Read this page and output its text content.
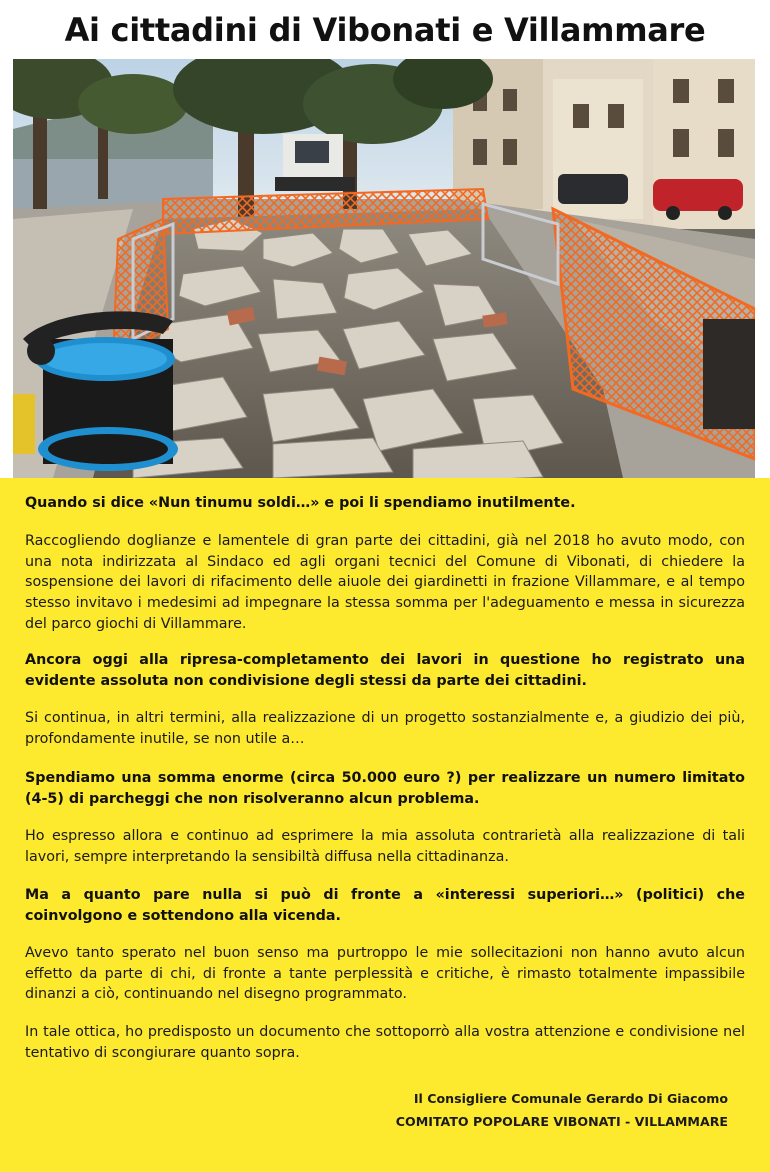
Ai cittadini di Vibonati e Villammare

Quando si dice «Nun tinumu soldi…» e poi li spendiamo inutilmente.

Raccogliendo doglianze e lamentele di gran parte dei cittadini, già nel 2018 ho avuto modo, con una nota indirizzata al Sindaco ed agli organi tecnici del Comune di Vibonati, di chiedere la sospensione dei lavori di rifacimento delle aiuole dei giardinetti in frazione Villammare, e al tempo stesso invitavo i medesimi ad impegnare la stessa somma per l'adeguamento e messa in sicurezza del parco giochi di Villammare.

Ancora oggi alla ripresa-completamento dei lavori in questione ho registrato una evidente assoluta non condivisione degli stessi da parte dei cittadini.

Si continua, in altri termini, alla realizzazione di un progetto sostanzialmente e, a giudizio dei più, profondamente inutile, se non utile a…

Spendiamo una somma enorme (circa 50.000 euro ?) per realizzare un numero limitato (4-5) di parcheggi che non risolveranno alcun problema.

Ho espresso allora e continuo ad esprimere la mia assoluta contrarietà alla realizzazione di tali lavori, sempre interpretando la sensibiltà diffusa nella cittadinanza.

Ma a quanto pare nulla si può di fronte a «interessi superiori…» (politici) che coinvolgono e sottendono alla vicenda.

Avevo tanto sperato nel buon senso ma purtroppo le mie sollecitazioni non hanno avuto alcun effetto da parte di chi, di fronte a tante perplessità e critiche, è rimasto totalmente impassibile dinanzi a ciò, continuando nel disegno programmato.

In tale ottica, ho predisposto un documento che sottoporrò alla vostra attenzione e condivisione nel tentativo di scongiurare quanto sopra.

Il Consigliere Comunale Gerardo Di Giacomo

COMITATO POPOLARE VIBONATI - VILLAMMARE
